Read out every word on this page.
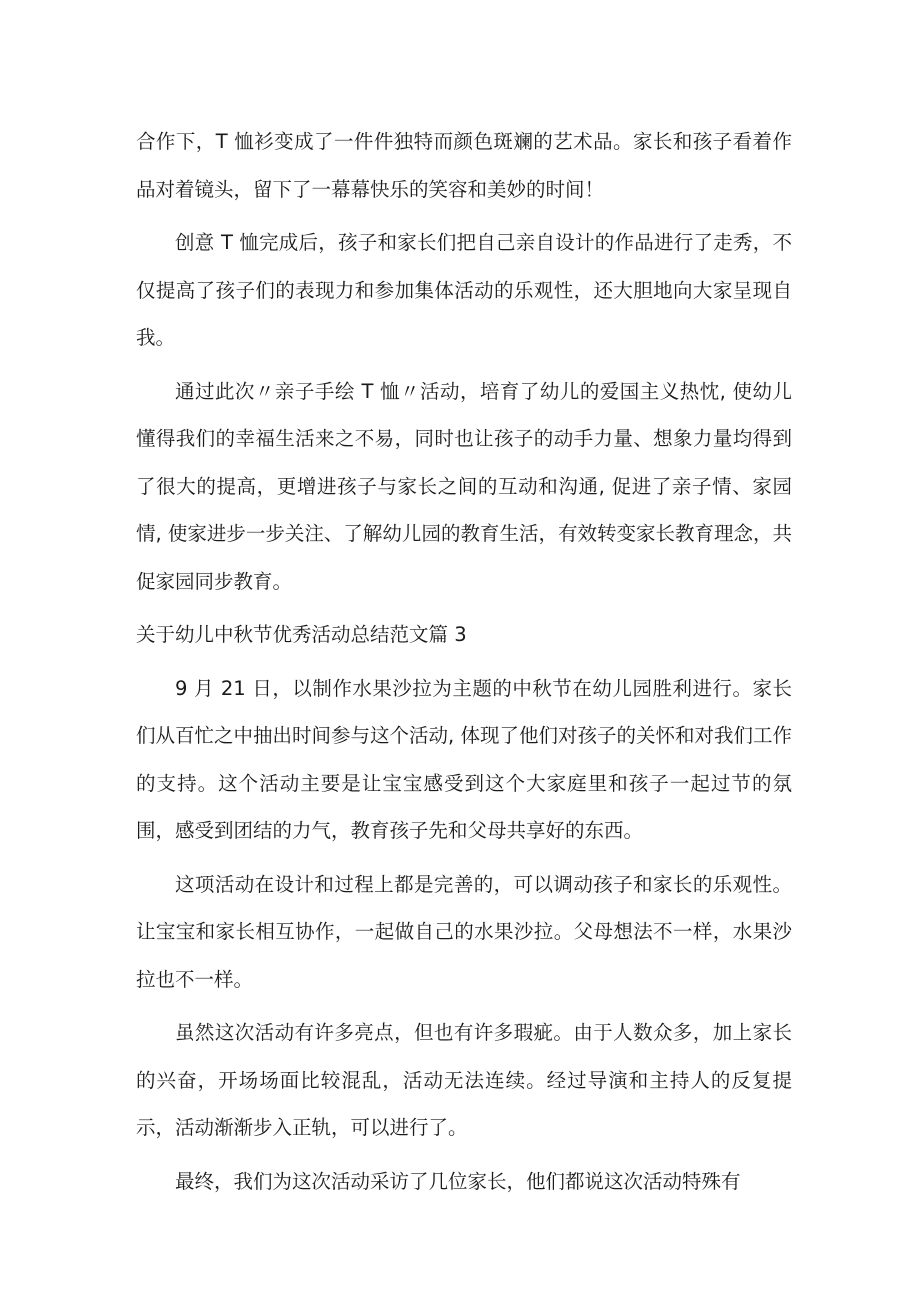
合作下，T 恤衫变成了一件件独特而颜色斑斓的艺术品。家长和孩子看着作品对着镜头，留下了一幕幕快乐的笑容和美妙的时间！

创意 T 恤完成后，孩子和家长们把自己亲自设计的作品进行了走秀，不仅提高了孩子们的表现力和参加集体活动的乐观性，还大胆地向大家呈现自我。

通过此次〃亲子手绘 T 恤〃活动，培育了幼儿的爱国主义热忱, 使幼儿懂得我们的幸福生活来之不易，同时也让孩子的动手力量、想象力量均得到了很大的提高，更增进孩子与家长之间的互动和沟通, 促进了亲子情、家园情, 使家进步一步关注、了解幼儿园的教育生活，有效转变家长教育理念，共促家园同步教育。

关于幼儿中秋节优秀活动总结范文篇 3

9 月 21 日，以制作水果沙拉为主题的中秋节在幼儿园胜利进行。家长们从百忙之中抽出时间参与这个活动, 体现了他们对孩子的关怀和对我们工作的支持。这个活动主要是让宝宝感受到这个大家庭里和孩子一起过节的氛围，感受到团结的力气，教育孩子先和父母共享好的东西。

这项活动在设计和过程上都是完善的，可以调动孩子和家长的乐观性。让宝宝和家长相互协作，一起做自己的水果沙拉。父母想法不一样，水果沙拉也不一样。

虽然这次活动有许多亮点，但也有许多瑕疵。由于人数众多，加上家长的兴奋，开场场面比较混乱，活动无法连续。经过导演和主持人的反复提示，活动渐渐步入正轨，可以进行了。

最终，我们为这次活动采访了几位家长，他们都说这次活动特殊有
